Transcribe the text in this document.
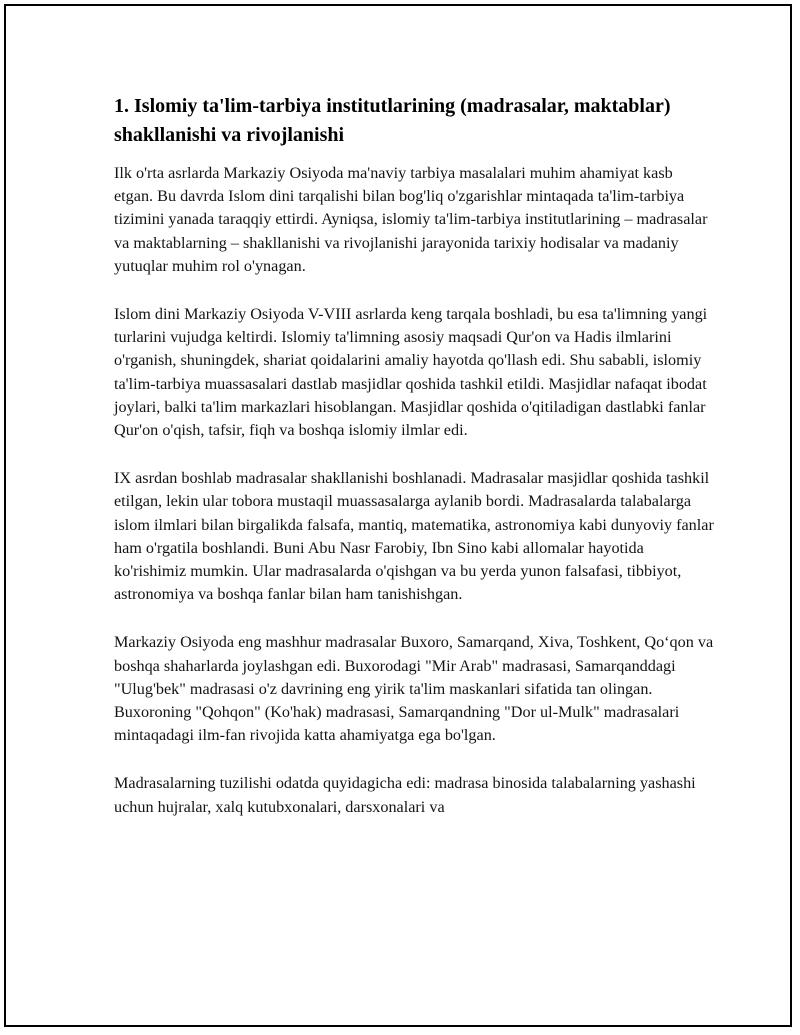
1. Islomiy ta'lim-tarbiya institutlarining (madrasalar, maktablar) shakllanishi va rivojlanishi

Ilk o'rta asrlarda Markaziy Osiyoda ma'naviy tarbiya masalalari muhim ahamiyat kasb etgan. Bu davrda Islom dini tarqalishi bilan bog'liq o'zgarishlar mintaqada ta'lim-tarbiya tizimini yanada taraqqiy ettirdi. Ayniqsa, islomiy ta'lim-tarbiya institutlarining – madrasalar va maktablarning – shakllanishi va rivojlanishi jarayonida tarixiy hodisalar va madaniy yutuqlar muhim rol o'ynagan.

Islom dini Markaziy Osiyoda V-VIII asrlarda keng tarqala boshladi, bu esa ta'limning yangi turlarini vujudga keltirdi. Islomiy ta'limning asosiy maqsadi Qur'on va Hadis ilmlarini o'rganish, shuningdek, shariat qoidalarini amaliy hayotda qo'llash edi. Shu sababli, islomiy ta'lim-tarbiya muassasalari dastlab masjidlar qoshida tashkil etildi. Masjidlar nafaqat ibodat joylari, balki ta'lim markazlari hisoblangan. Masjidlar qoshida o'qitiladigan dastlabki fanlar Qur'on o'qish, tafsir, fiqh va boshqa islomiy ilmlar edi.

IX asrdan boshlab madrasalar shakllanishi boshlanadi. Madrasalar masjidlar qoshida tashkil etilgan, lekin ular tobora mustaqil muassasalarga aylanib bordi. Madrasalarda talabalarga islom ilmlari bilan birgalikda falsafa, mantiq, matematika, astronomiya kabi dunyoviy fanlar ham o'rgatila boshlandi. Buni Abu Nasr Farobiy, Ibn Sino kabi allomalar hayotida ko'rishimiz mumkin. Ular madrasalarda o'qishgan va bu yerda yunon falsafasi, tibbiyot, astronomiya va boshqa fanlar bilan ham tanishishgan.

Markaziy Osiyoda eng mashhur madrasalar Buxoro, Samarqand, Xiva, Toshkent, Qo‘qon va boshqa shaharlarda joylashgan edi. Buxorodagi "Mir Arab" madrasasi, Samarqanddagi "Ulug'bek" madrasasi o'z davrining eng yirik ta'lim maskanlari sifatida tan olingan. Buxoroning "Qohqon" (Ko'hak) madrasasi, Samarqandning "Dor ul-Mulk" madrasalari mintaqadagi ilm-fan rivojida katta ahamiyatga ega bo'lgan.

Madrasalarning tuzilishi odatda quyidagicha edi: madrasa binosida talabalarning yashashi uchun hujralar, xalq kutubxonalari, darsxonalari va
